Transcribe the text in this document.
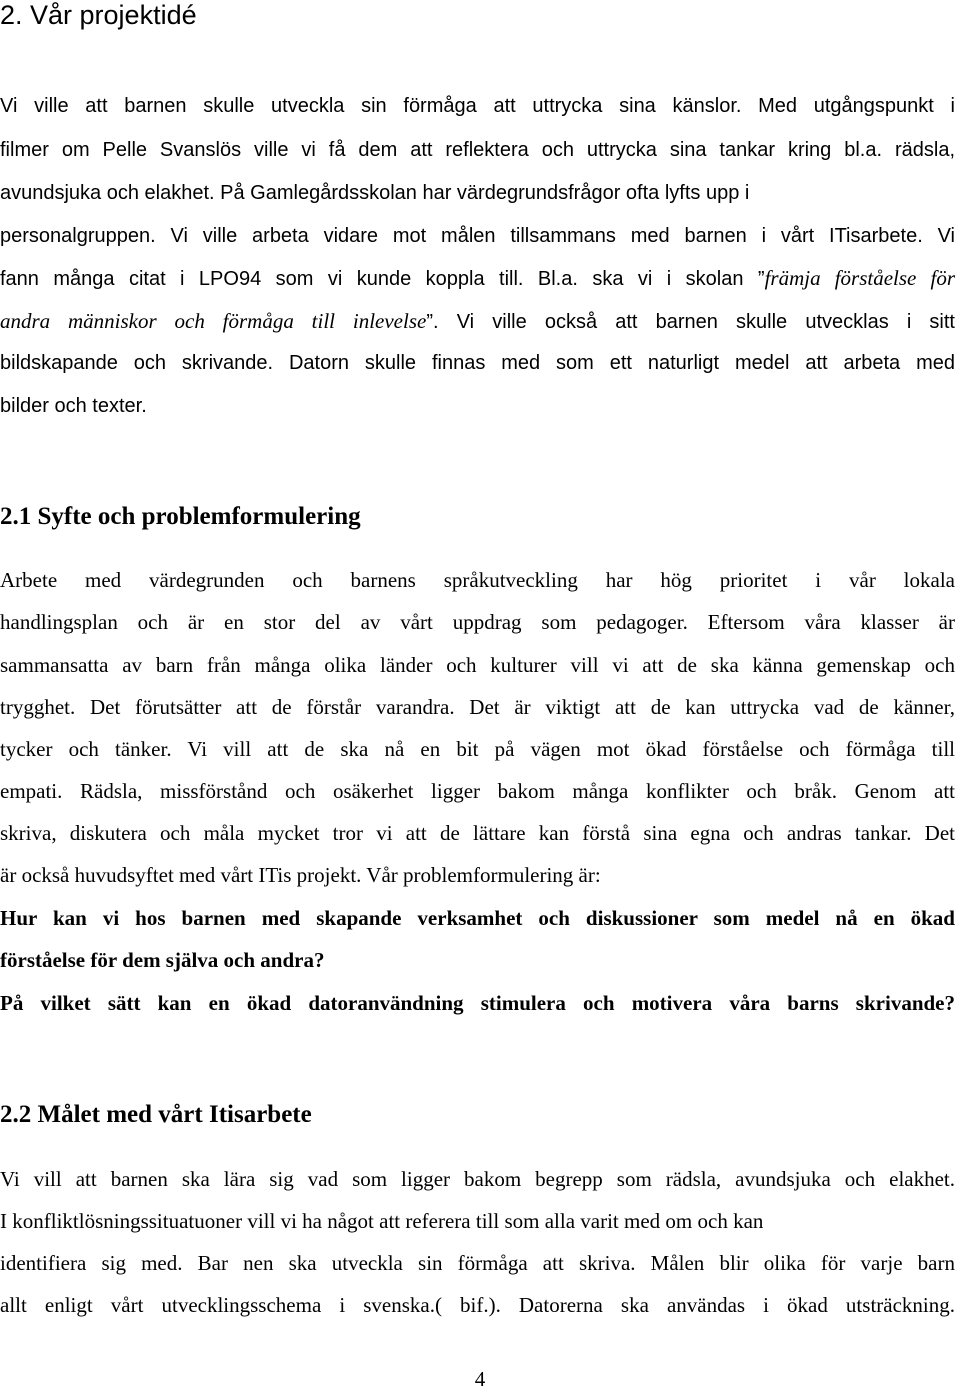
2. Vår projektidé
Vi ville att barnen skulle utveckla sin förmåga att uttrycka sina känslor. Med utgångspunkt i
filmer om Pelle Svanslös ville vi få dem att reflektera och uttrycka sina tankar kring bl.a. rädsla,
avundsjuka och elakhet. På Gamlegårdsskolan har värdegrundsfrågor ofta lyfts upp i
personalgruppen. Vi ville arbeta vidare mot målen tillsammans med barnen i vårt ITisarbete. Vi
fann många citat i LPO94 som vi kunde koppla till. Bl.a. ska vi i skolan ”främja förståelse för
andra människor och förmåga till inlevelse”. Vi ville också att barnen skulle utvecklas i sitt
bildskapande och skrivande. Datorn skulle finnas med som ett naturligt medel att arbeta med
bilder och texter.
2.1 Syfte och problemformulering
Arbete med värdegrunden och barnens språkutveckling har hög prioritet i vår lokala
handlingsplan och är en stor del av vårt uppdrag som pedagoger. Eftersom våra klasser är
sammansatta av barn från många olika länder och kulturer vill vi att de ska känna gemenskap och
trygghet. Det förutsätter att de förstår varandra. Det är viktigt att de kan uttrycka vad de känner,
tycker och tänker. Vi vill att de ska nå en bit på vägen mot ökad förståelse och förmåga till
empati. Rädsla, missförstånd och osäkerhet ligger bakom många konflikter och bråk. Genom att
skriva, diskutera och måla mycket tror vi att de lättare kan förstå sina egna och andras tankar. Det
är också huvudsyftet med vårt ITis projekt. Vår problemformulering är:
Hur kan vi hos barnen med skapande verksamhet och diskussioner som medel nå en ökad
förståelse för dem själva och andra?
På vilket sätt kan en ökad datoranvändning stimulera och motivera våra barns skrivande?
2.2 Målet med vårt Itisarbete
Vi vill att barnen ska lära sig vad som ligger bakom begrepp som rädsla, avundsjuka och elakhet.
I konfliktlösningssituatuoner vill vi ha något att referera till som alla varit med om och kan
identifiera sig med. Bar nen ska utveckla sin förmåga att skriva. Målen blir olika för varje barn
allt enligt vårt utvecklingsschema i svenska.( bif.). Datorerna ska användas i ökad utsträckning.
4
